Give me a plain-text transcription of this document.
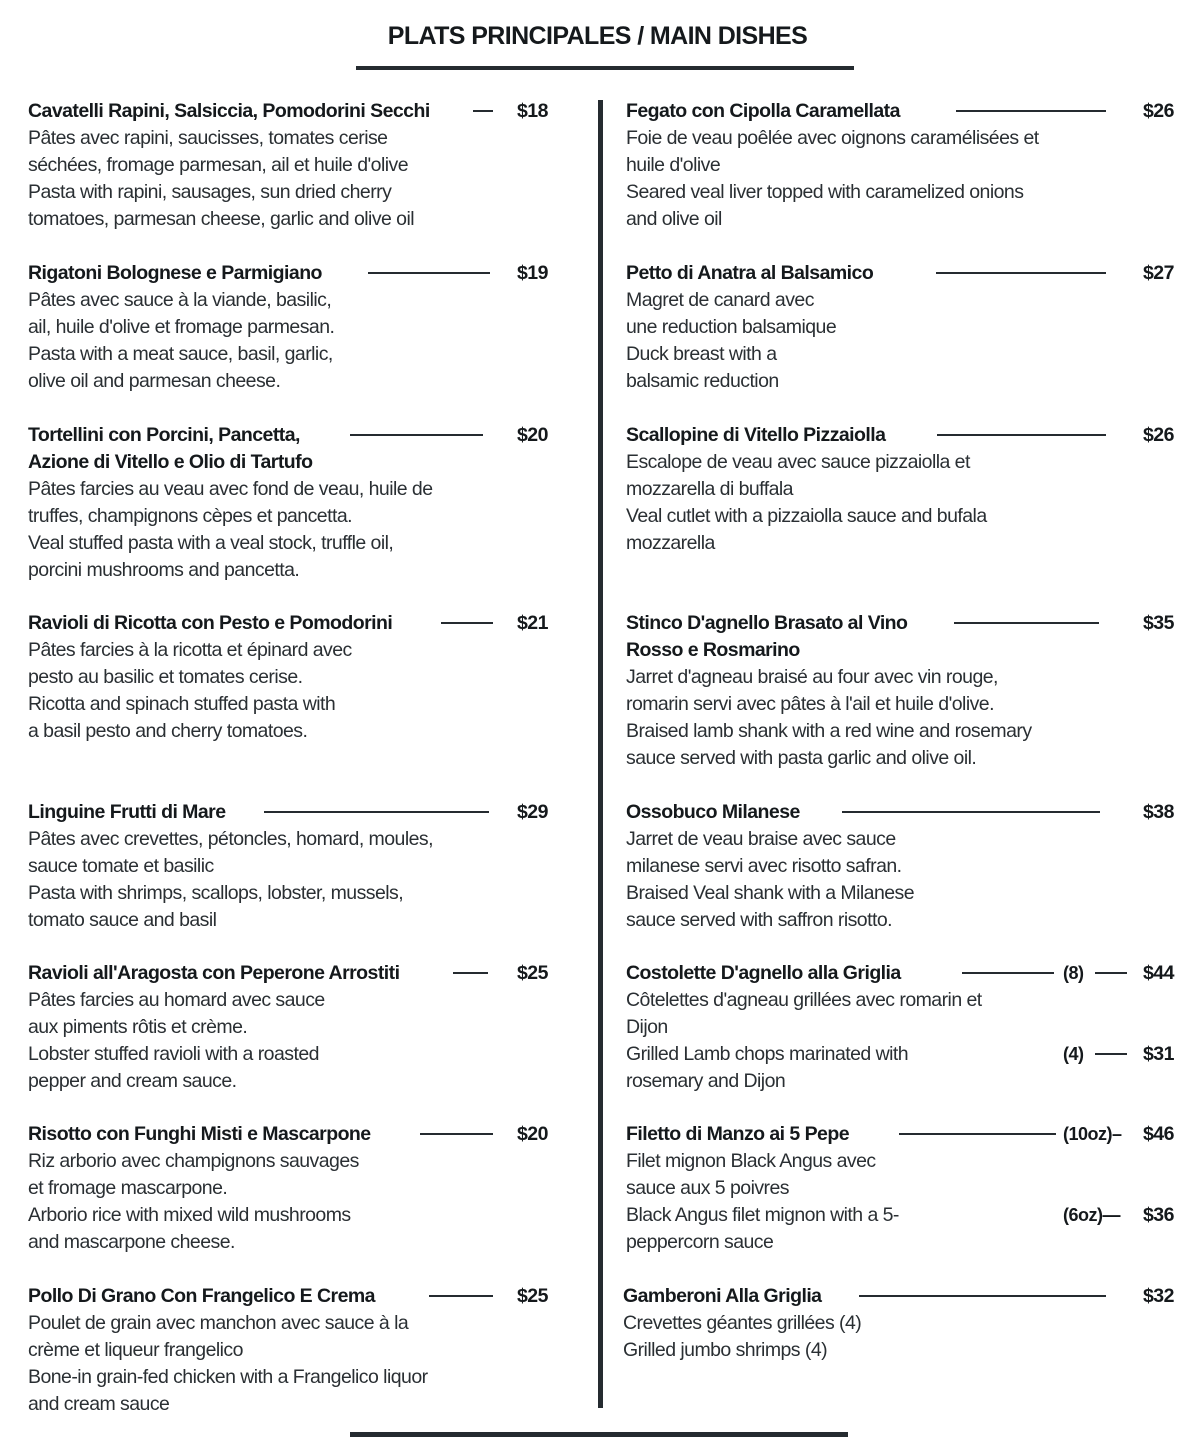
PLATS PRINCIPALES / MAIN DISHES
Cavatelli Rapini, Salsiccia, Pomodorini Secchi	$18
Pâtes avec rapini, saucisses, tomates cerise
séchées, fromage parmesan, ail et huile d'olive
Pasta with rapini, sausages, sun dried cherry
tomatoes, parmesan cheese, garlic and olive oil
Rigatoni Bolognese e Parmigiano	$19
Pâtes avec sauce à la viande, basilic,
ail, huile d'olive et fromage parmesan.
Pasta with a meat sauce, basil, garlic,
olive oil and parmesan cheese.
Tortellini con Porcini, Pancetta,	$20
Azione di Vitello e Olio di Tartufo
Pâtes farcies au veau avec fond de veau, huile de
truffes, champignons cèpes et pancetta.
Veal stuffed pasta with a veal stock, truffle oil,
porcini mushrooms and pancetta.
Ravioli di Ricotta con Pesto e Pomodorini	$21
Pâtes farcies à la ricotta et épinard avec
pesto au basilic et tomates cerise.
Ricotta and spinach stuffed pasta with
a basil pesto and cherry tomatoes.
Linguine Frutti di Mare	$29
Pâtes avec crevettes, pétoncles, homard, moules,
sauce tomate et basilic
Pasta with shrimps, scallops, lobster, mussels,
tomato sauce and basil
Ravioli all'Aragosta con Peperone Arrostiti	$25
Pâtes farcies au homard avec sauce
aux piments rôtis et crème.
Lobster stuffed ravioli with a roasted
pepper and cream sauce.
Risotto con Funghi Misti e Mascarpone	$20
Riz arborio avec champignons sauvages
et fromage mascarpone.
Arborio rice with mixed wild mushrooms
and mascarpone cheese.
Pollo Di Grano Con Frangelico E Crema	$25
Poulet de grain avec manchon avec sauce à la
crème et liqueur frangelico
Bone-in grain-fed chicken with a Frangelico liquor
and cream sauce
Fegato con Cipolla Caramellata	$26
Foie de veau poêlée avec oignons caramélisées et
huile d'olive
Seared veal liver topped with caramelized onions
and olive oil
Petto di Anatra al Balsamico	$27
Magret de canard avec
une reduction balsamique
Duck breast with a
balsamic reduction
Scallopine di Vitello Pizzaiolla	$26
Escalope de veau avec sauce pizzaiolla et
mozzarella di buffala
Veal cutlet with a pizzaiolla sauce and bufala
mozzarella
Stinco D'agnello Brasato al Vino	$35
Rosso e Rosmarino
Jarret d'agneau braisé au four avec vin rouge,
romarin servi avec pâtes à l'ail et huile d'olive.
Braised lamb shank with a red wine and rosemary
sauce served with pasta garlic and olive oil.
Ossobuco Milanese	$38
Jarret de veau braise avec sauce
milanese servi avec risotto safran.
Braised Veal shank with a Milanese
sauce served with saffron risotto.
Costolette D'agnello alla Griglia	(8)	$44
Côtelettes d'agneau grillées avec romarin et
Dijon
Grilled Lamb chops marinated with	(4)	$31
rosemary and Dijon
Filetto di Manzo ai 5 Pepe	(10oz)– $46
Filet mignon Black Angus avec
sauce aux 5 poivres
Black Angus filet mignon with a 5-	(6oz)— $36
peppercorn sauce
Gamberoni Alla Griglia	$32
Crevettes géantes grillées (4)
Grilled jumbo shrimps (4)
